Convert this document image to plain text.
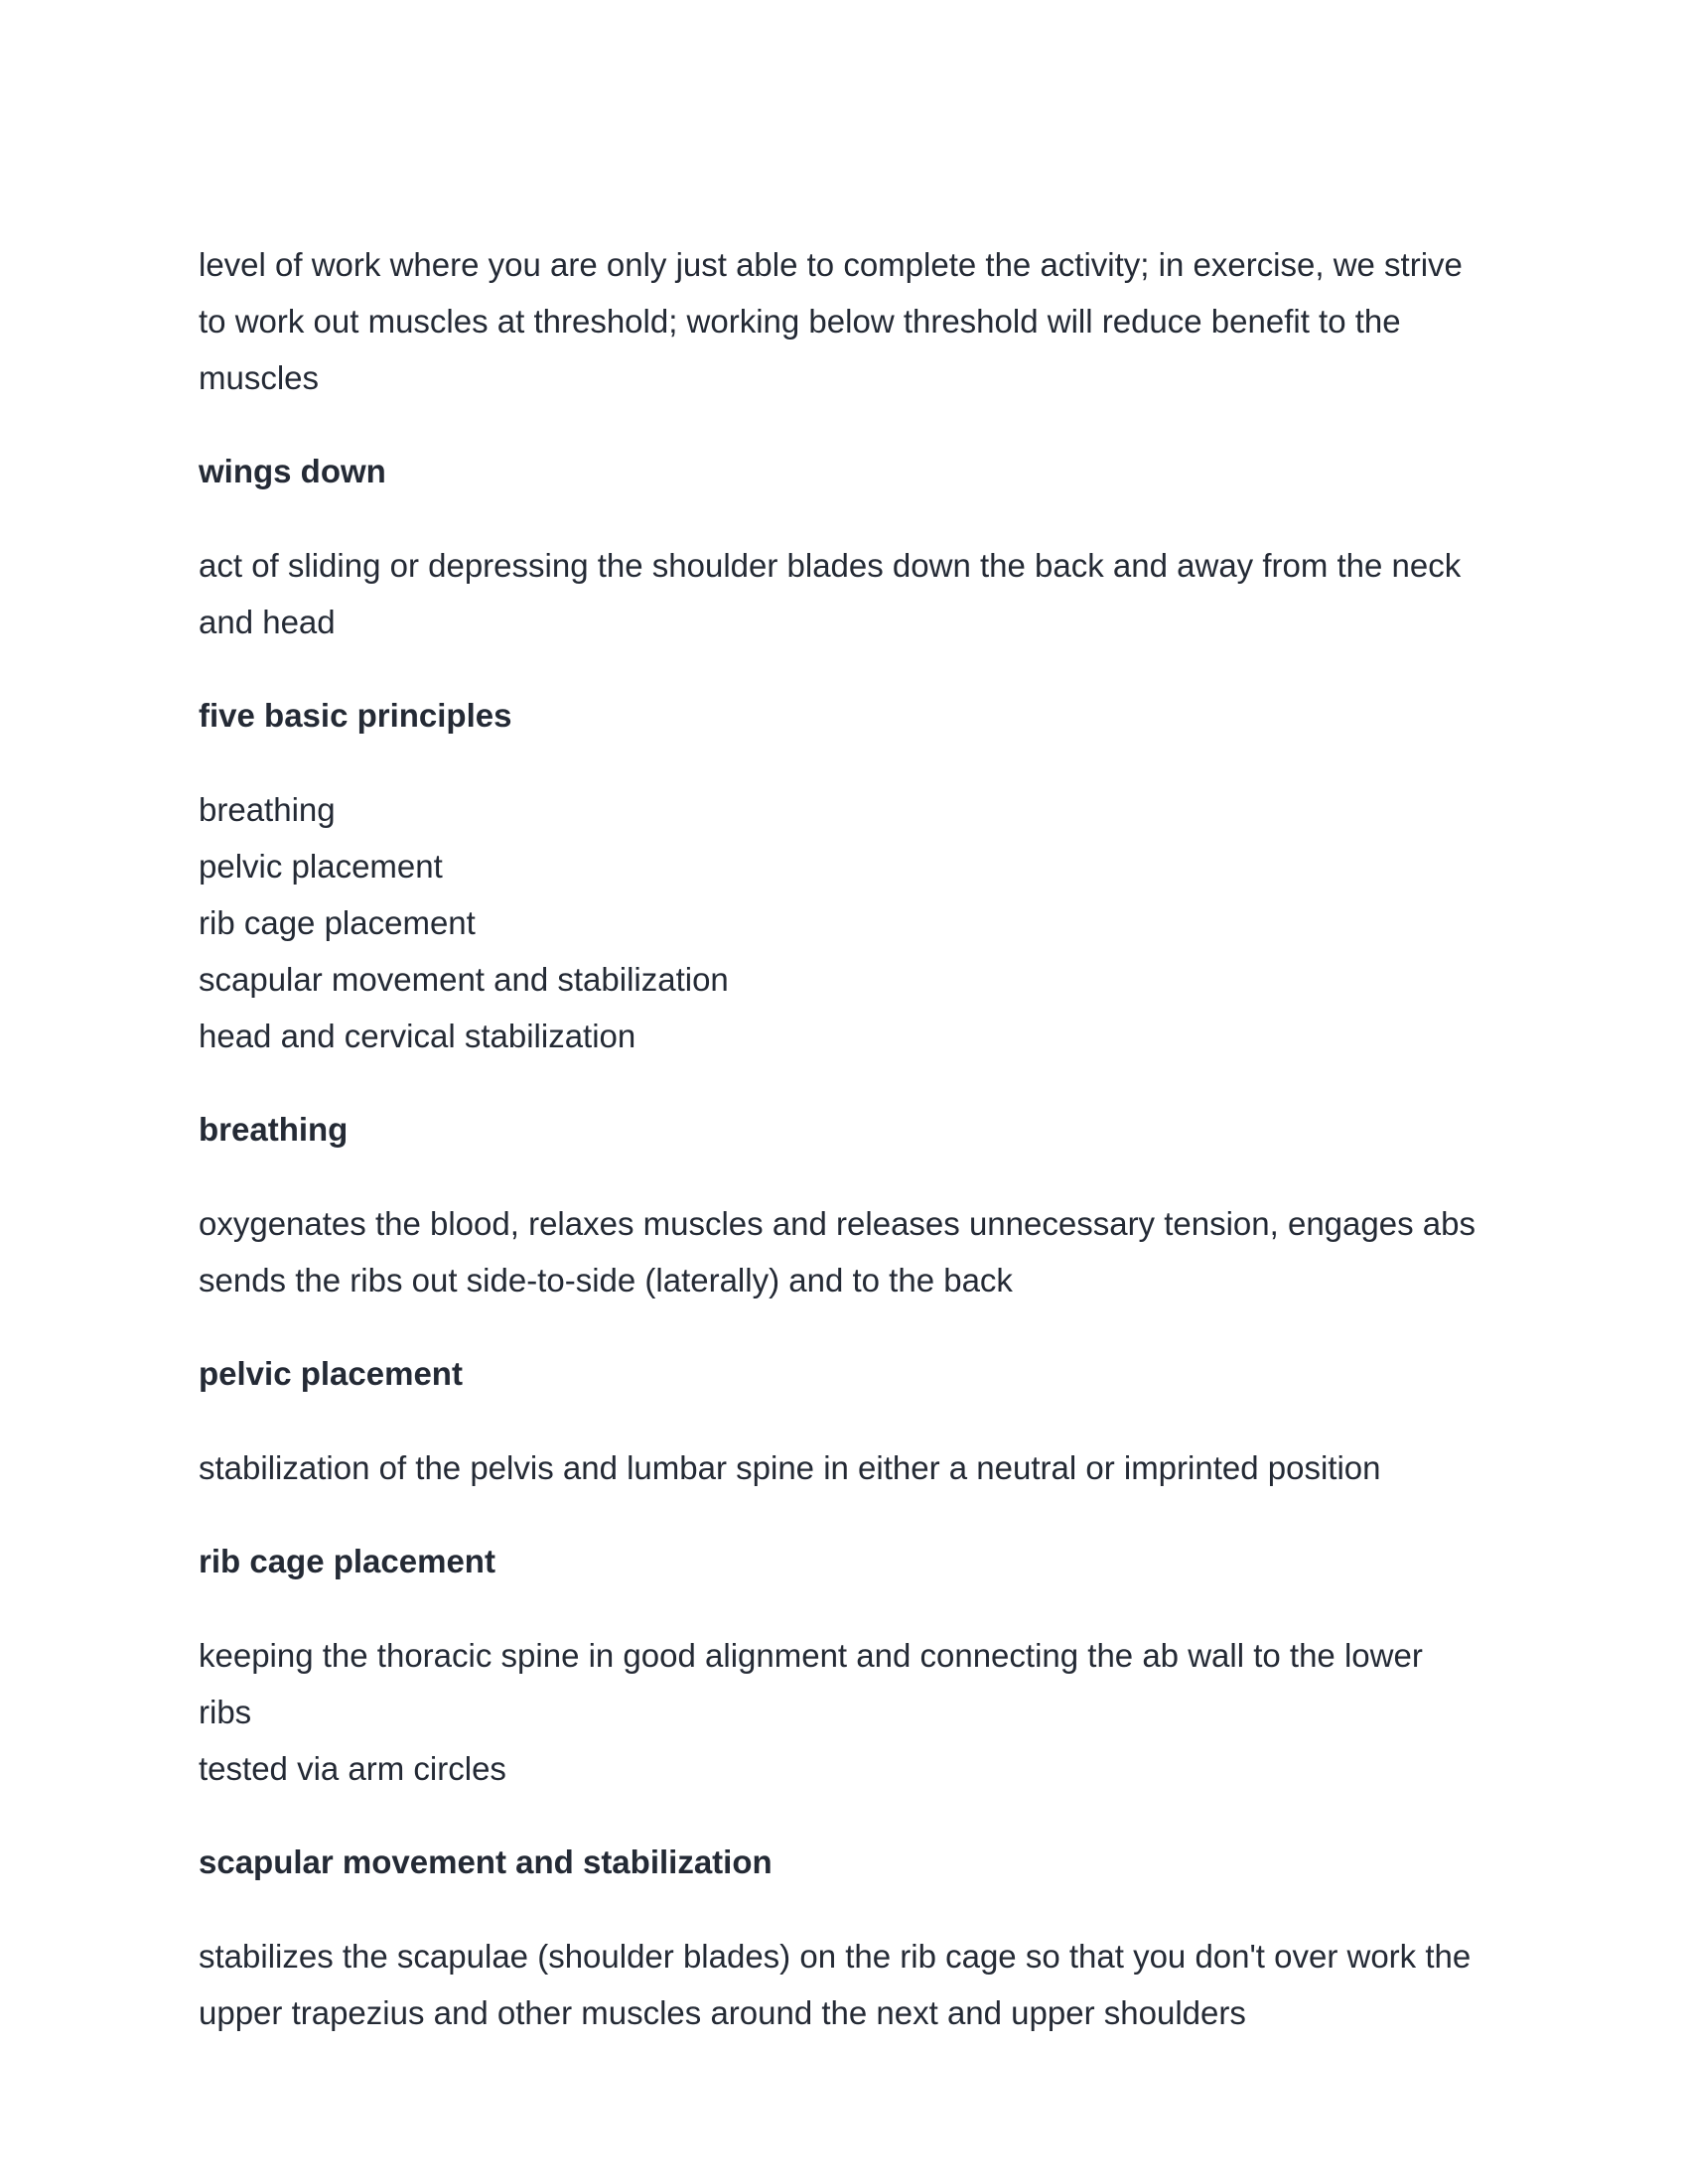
level of work where you are only just able to complete the activity; in exercise, we strive
to work out muscles at threshold; working below threshold will reduce benefit to the
muscles
wings down
act of sliding or depressing the shoulder blades down the back and away from the neck
and head
five basic principles
breathing
pelvic placement
rib cage placement
scapular movement and stabilization
head and cervical stabilization
breathing
oxygenates the blood, relaxes muscles and releases unnecessary tension, engages abs
sends the ribs out side-to-side (laterally) and to the back
pelvic placement
stabilization of the pelvis and lumbar spine in either a neutral or imprinted position
rib cage placement
keeping the thoracic spine in good alignment and connecting the ab wall to the lower
ribs
tested via arm circles
scapular movement and stabilization
stabilizes the scapulae (shoulder blades) on the rib cage so that you don't over work the
upper trapezius and other muscles around the next and upper shoulders
